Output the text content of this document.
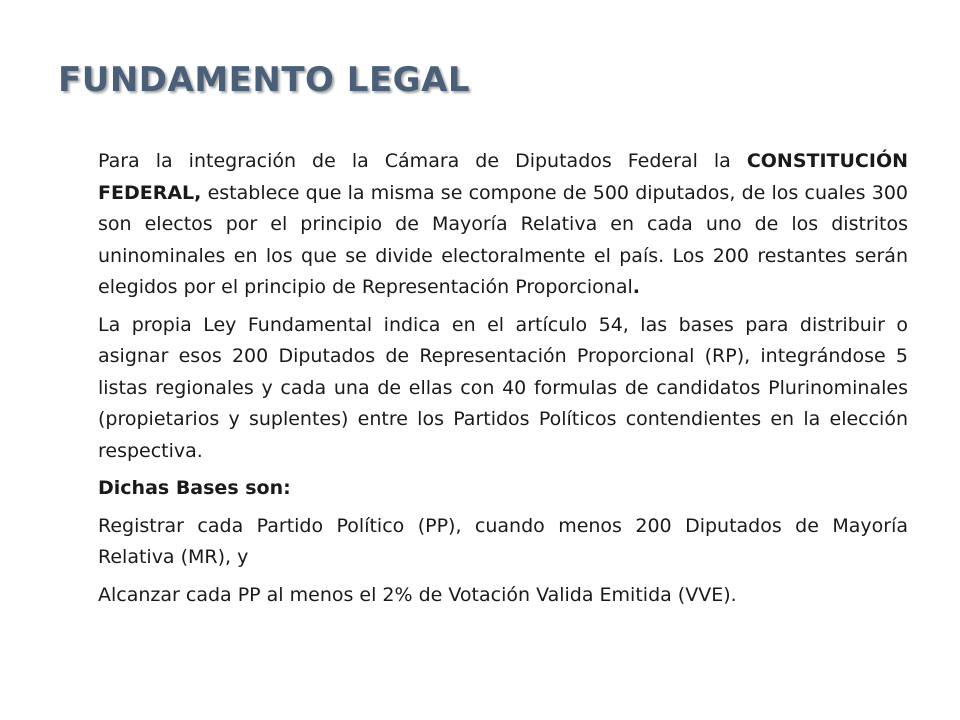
FUNDAMENTO LEGAL

Para la integración de la Cámara de Diputados Federal la CONSTITUCIÓN FEDERAL, establece que la misma se compone de 500 diputados, de los cuales 300 son electos por el principio de Mayoría Relativa en cada uno de los distritos uninominales en los que se divide electoralmente el país. Los 200 restantes serán elegidos por el principio de Representación Proporcional.

La propia Ley Fundamental indica en el artículo 54, las bases para distribuir o asignar esos 200 Diputados de Representación Proporcional (RP), integrándose 5 listas regionales y cada una de ellas con 40 formulas de candidatos Plurinominales (propietarios y suplentes) entre los Partidos Políticos contendientes en la elección respectiva.

Dichas Bases son:

Registrar cada Partido Político (PP), cuando menos 200 Diputados de Mayoría Relativa (MR), y

Alcanzar cada PP al menos el 2% de Votación Valida Emitida (VVE).
